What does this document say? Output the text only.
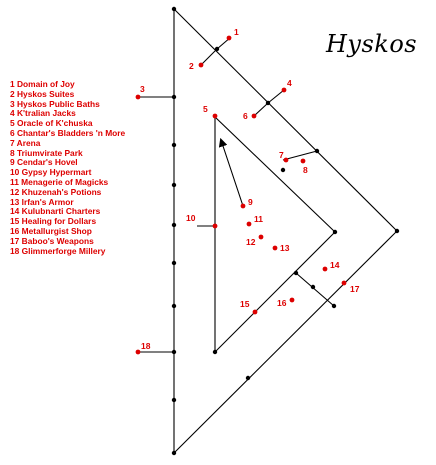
Hyskos
1 Domain of Joy
2 Hyskos Suites
3 Hyskos Public Baths
4 K'tralian Jacks
5 Oracle of K'chuska
6 Chantar's Bladders 'n More
7 Arena
8 Triumvirate Park
9 Cendar's Hovel
10 Gypsy Hypermart
11 Menagerie of Magicks
12 Khuzenah's Potions
13 Irfan's Armor
14 Kulubnarti Charters
15 Healing for Dollars
16 Metallurgist Shop
17 Baboo's Weapons
18 Glimmerforge Millery
1
2
3
4
5
6
7
8
9
10	11
12
13
14
15	16
17
18
